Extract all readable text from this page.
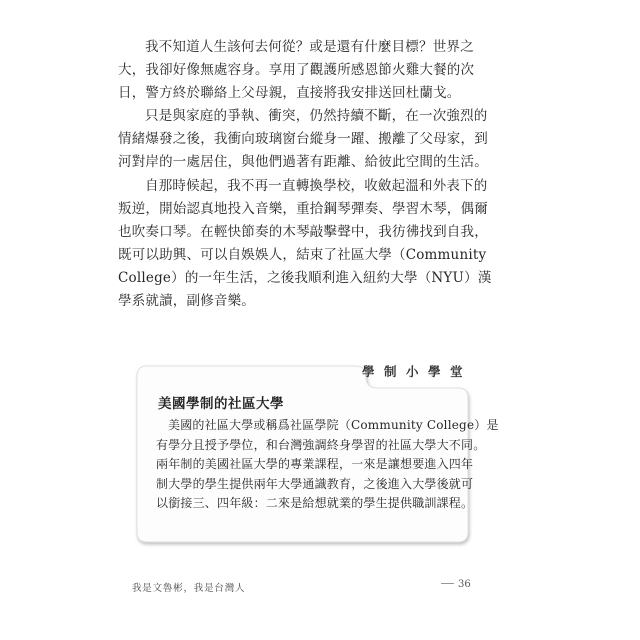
我不知道人生該何去何從？或是還有什麼目標？世界之
大，我卻好像無處容身。享用了觀護所感恩節火雞大餐的次
日，警方終於聯絡上父母親，直接將我安排送回杜蘭戈。
只是與家庭的爭執、衝突，仍然持續不斷，在一次強烈的
情緒爆發之後，我衝向玻璃窗台縱身一躍、搬離了父母家，到
河對岸的一處居住，與他們過著有距離、給彼此空間的生活。
自那時候起，我不再一直轉換學校，收斂起溫和外表下的
叛逆，開始認真地投入音樂，重拾鋼琴彈奏、學習木琴，偶爾
也吹奏口琴。在輕快節奏的木琴敲擊聲中，我彷彿找到自我，
既可以助興、可以自娛娛人，結束了社區大學（Community
College）的一年生活，之後我順利進入紐約大學（NYU）漢
學系就讀，副修音樂。
學制小學堂
美國學制的社區大學
美國的社區大學或稱爲社區學院（Community College）是
有學分且授予學位，和台灣強調終身學習的社區大學大不同。
兩年制的美國社區大學的專業課程，一來是讓想要進入四年
制大學的學生提供兩年大學通識教育，之後進入大學後就可
以銜接三、四年級：二來是給想就業的學生提供職訓課程。
我是文魯彬，我是台灣人	36
